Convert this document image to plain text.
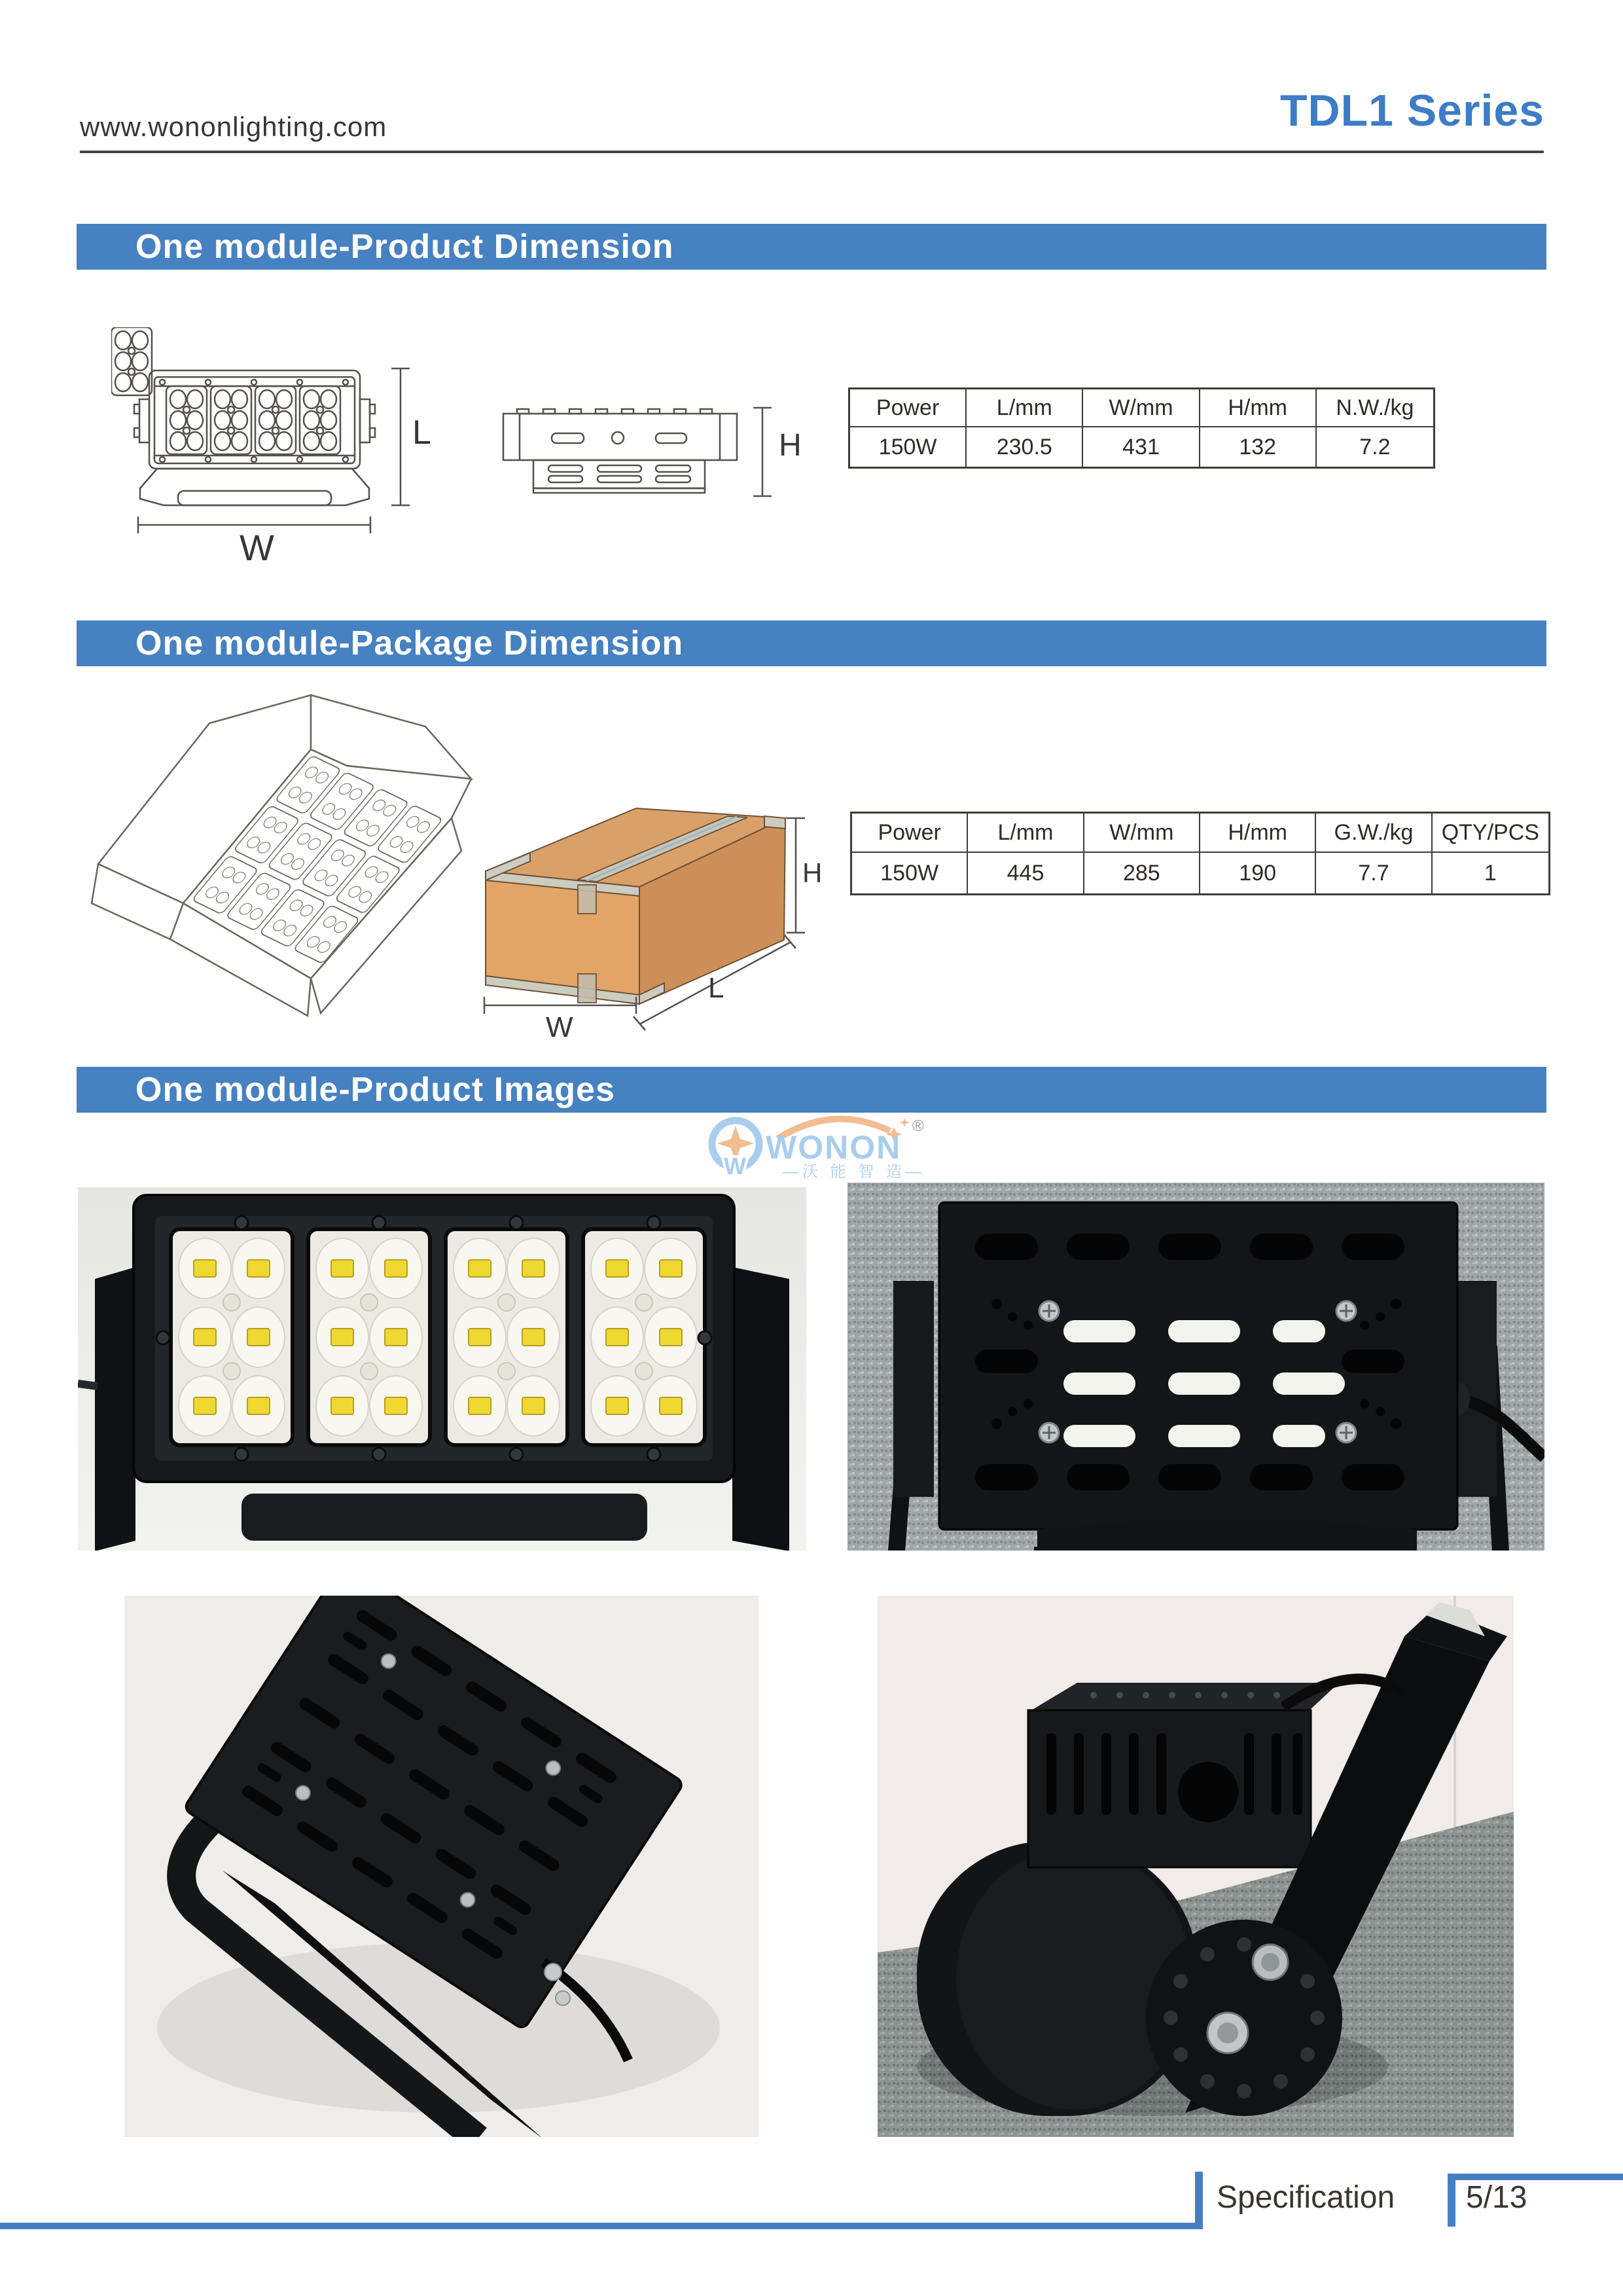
www.wononlighting.com	TDL1 Series
One module-Product Dimension
L
W
H
Power	L/mm	W/mm	H/mm	N.W./kg
150W	230.5	431	132	7.2
One module-Package Dimension
H
W
L
Power	L/mm	W/mm	H/mm	G.W./kg	QTY/PCS
150W	445	285	190	7.7	1
One module-Product Images
W
WONON
®
—沃 能 智 造—
Specification 5/13
